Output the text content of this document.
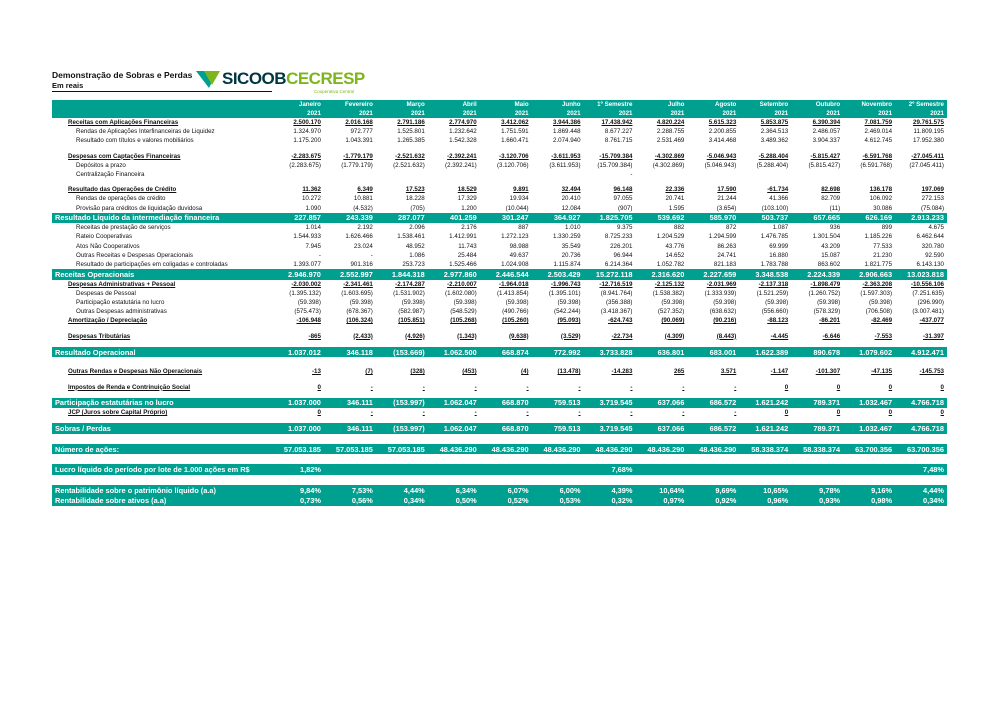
Demonstração de Sobras e Perdas
Em reais	SICOOBCECRESP
Cooperativa Central
	Janeiro	Fevereiro	Março	Abril	Maio	Junho	1º Semestre	Julho	Agosto	Setembro	Outubro	Novembro	2º Semestre
	2021	2021	2021	2021	2021	2021	2021	2021	2021	2021	2021	2021	2021
Receitas com Aplicações Financeiras	2.500.170	2.016.168	2.791.186	2.774.970	3.412.062	3.944.386	17.438.942	4.820.224	5.615.323	5.853.875	6.390.394	7.081.759	29.761.575
Rendas de Aplicações Interfinanceiras de Liquidez	1.324.970	972.777	1.525.801	1.232.642	1.751.591	1.869.448	8.677.227	2.288.755	2.200.855	2.364.513	2.486.057	2.469.014	11.809.195
Resultado com títulos e valores mobiliários	1.175.200	1.043.391	1.265.385	1.542.328	1.660.471	2.074.940	8.761.715	2.531.469	3.414.468	3.489.362	3.904.337	4.612.745	17.952.380

Despesas com Captações Financeiras	-2.283.675	-1.779.179	-2.521.632	-2.392.241	-3.120.706	-3.611.953	-15.709.384	-4.302.869	-5.046.943	-5.288.404	-5.815.427	-6.591.768	-27.045.411
Depósitos a prazo	(2.283.675)	(1.779.179)	(2.521.632)	(2.392.241)	(3.120.706)	(3.611.953)	(15.709.384)	(4.302.869)	(5.046.943)	(5.288.404)	(5.815.427)	(6.591.768)	(27.045.411)
Centralização Financeira							-						

Resultado das Operações de Crédito	11.362	6.349	17.523	18.529	9.891	32.494	96.148	22.336	17.590	-61.734	82.698	136.178	197.069
Rendas de operações de crédito	10.272	10.881	18.228	17.329	19.934	20.410	97.055	20.741	21.244	41.366	82.709	106.092	272.153
Provisão para créditos de liquidação duvidosa	1.090	(4.532)	(705)	1.200	(10.044)	12.084	(907)	1.595	(3.654)	(103.100)	(11)	30.086	(75.084)
Resultado Líquido da intermediação financeira	227.857	243.339	287.077	401.259	301.247	364.927	1.825.705	539.692	585.970	503.737	657.665	626.169	2.913.233
Receitas de prestação de serviços	1.014	2.192	2.096	2.176	887	1.010	9.375	882	872	1.087	936	899	4.675
Rateio Cooperativas	1.544.933	1.626.466	1.538.461	1.412.991	1.272.123	1.330.259	8.725.233	1.204.529	1.294.599	1.476.785	1.301.504	1.185.226	6.462.644
Atos Não Cooperativos	7.945	23.024	48.952	11.743	98.988	35.549	226.201	43.776	86.263	69.999	43.209	77.533	320.780
Outras Receitas e Despesas Operacionais	-	-	1.086	25.484	49.637	20.736	96.944	14.652	24.741	16.880	15.087	21.230	92.590
Resultado de participações em coligadas e controladas	1.393.077	901.316	253.723	1.525.466	1.024.908	1.115.874	6.214.364	1.052.782	821.183	1.783.788	863.602	1.821.775	6.143.130
Receitas Operacionais	2.946.970	2.552.997	1.844.318	2.977.860	2.446.544	2.503.429	15.272.118	2.316.620	2.227.659	3.348.538	2.224.339	2.906.663	13.023.818
Despesas Administrativas + Pessoal	-2.030.002	-2.341.461	-2.174.287	-2.210.007	-1.964.018	-1.996.743	-12.716.519	-2.125.132	-2.031.969	-2.137.318	-1.898.479	-2.363.208	-10.556.106
Despesas de Pessoal	(1.395.132)	(1.603.695)	(1.531.902)	(1.602.080)	(1.413.854)	(1.395.101)	(8.941.764)	(1.538.382)	(1.333.939)	(1.521.259)	(1.260.752)	(1.597.303)	(7.251.635)
Participação estatutária no lucro	(59.398)	(59.398)	(59.398)	(59.398)	(59.398)	(59.398)	(356.388)	(59.398)	(59.398)	(59.398)	(59.398)	(59.398)	(296.990)
Outras Despesas administrativas	(575.473)	(678.367)	(582.987)	(548.529)	(490.766)	(542.244)	(3.418.367)	(527.352)	(638.632)	(556.660)	(578.329)	(706.508)	(3.007.481)
Amortização / Depreciação	-106.948	(106.324)	(105.851)	(105.268)	(105.260)	(95.093)	-624.743	(90.069)	(90.216)	-88.123	-86.201	-82.469	-437.077

Despesas Tributárias	-865	(2.433)	(4.926)	(1.343)	(9.638)	(3.529)	-22.734	(4.309)	(8.443)	-4.445	-6.646	-7.553	-31.397

Resultado Operacional	1.037.012	346.118	(153.669)	1.062.500	668.874	772.992	3.733.828	636.801	683.001	1.622.389	890.678	1.079.602	4.912.471

Outras Rendas e Despesas Não Operacionais	-13	(7)	(328)	(453)	(4)	(13.478)	-14.283	265	3.571	-1.147	-101.307	-47.135	-145.753

Impostos de Renda e Contrinuição Social	0	-	-	-	-	-	-	-	-	0	0	0	0

Participação estatutárias no lucro	1.037.000	346.111	(153.997)	1.062.047	668.870	759.513	3.719.545	637.066	686.572	1.621.242	789.371	1.032.467	4.766.718
JCP (Juros sobre Capital Próprio)	0	-	-	-	-	-	-	-	-	0	0	0	0

Sobras / Perdas	1.037.000	346.111	(153.997)	1.062.047	668.870	759.513	3.719.545	637.066	686.572	1.621.242	789.371	1.032.467	4.766.718

Número de ações:	57.053.185	57.053.185	57.053.185	48.436.290	48.436.290	48.436.290	48.436.290	48.436.290	48.436.290	58.338.374	58.338.374	63.700.356	63.700.356

Lucro líquido do período por lote de 1.000 ações em R$	1,82%						7,68%						7,48%

Rentabilidade sobre o patrimônio líquido (a.a)	9,84%	7,53%	4,44%	6,34%	6,07%	6,00%	4,39%	10,64%	9,69%	10,65%	9,78%	9,16%	4,44%
Rentabilidade sobre ativos (a.a)	0,73%	0,56%	0,34%	0,50%	0,52%	0,53%	0,32%	0,97%	0,92%	0,96%	0,93%	0,98%	0,34%
